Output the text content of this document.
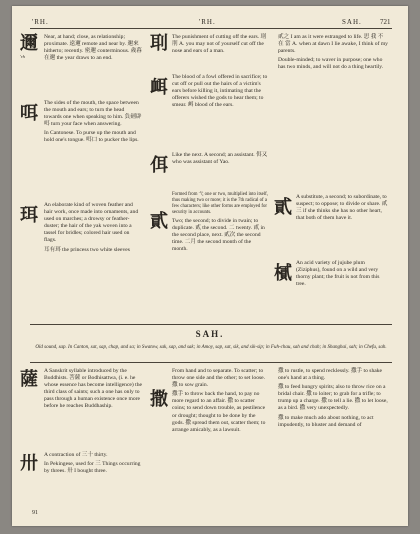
'RH.	'RH.	SAH.	721
邇
'rh

Near, at hand; close, as relationship; proximate. 遠邇 remote and near by. 邇來 hitherto; recently. 密邇 conterminous. 歲暮在邇 the year draws to an end.

咡 The sides of the mouth, the space between the mouth and ears; to turn the head towards one when speaking to him. 負劍辟咡 turn your face when answering.

In Cantonese. To purse up the mouth and hold one's tongue. 咡口 to pucker the lips.

珥 An elaborate kind of woven feather and hair work, once made into ornaments, and used on marches; a drowsy or feather-duster; the hair of the yak woven into a tassel for bridles; colored hair used on flags.

耳有珥 the princess two white sleeves

刵 The punishment of cutting off the ears. 刵刖 A. you may not of yourself cut off the nose and ears of a man.

衈 The blood of a fowl offered in sacrifice; to cut off or pull out the hairs of a victim's ears before killing it, intimating that the offerers wished the gods to hear them; to smear. 衈 blood of the ears.

佴 Like the next. A second; an assistant. 佴又 who was assistant of Yao.

貳

Formed from 弋 one or two, multiplied into itself, thus making two or more; it is the 7th radical of a few characters; like other forms are employed for security in accounts.

Two; the second; to divide in twain; to duplicate. 貳 the second. 二 twenty. 貳 in the second place, next. 貳次 the second time. 二月 the second month of the month.

貳之 I am as it were estranged to life. 思 我 不 在 當 A. when at dawn I lie awake, I think of my parents.

Double-minded; to waver in purpose; one who has two minds, and will not do a thing heartily.

貳 A substitute, a second; to subordinate, to suspect; to oppose; to divide or share. 貳 三 if she thinks she has no other heart, that both of them have it.

樲 An acid variety of jujube plum (Ziziphus), found on a wild and very thorny plant; the fruit is not from this tree.

SAH.
Old sound, sap. In Canton, sat, sap, chap, and sa; in Swatow, sak, sap, and sak; in Amoy, sap, sat, sik, and sik-sip; in Fuh-chau, sah and chah; in Shanghai, sah; in Chefu, sah.
薩 A Sanskrit syllable introduced by the Buddhists. 菩薩 or Bodhisattwa, (i. e. he whose essence has become intelligence) the third class of saints; such a one has only to pass through a human existence once more before he reaches Buddhaship.

卅 A contraction of 三十 thirty.

In Pekingese, used for 三 Things occurring by threes. 卅 I bought three.

撒

From hand and to separate. To scatter; to throw one side and the other; to set loose. 撒 to sow grain.

撒手 to throw back the hand, to pay no more regard to an affair. 撒 to scatter coins; to send down trouble, as pestilence or drought; thought to be done by the gods. 撒 spread them out, scatter them; to arrange amicably, as a lawsuit.

撒 to rustle, to spend recklessly. 撒手 to shake one's hand at a thing.

撒 to feed hungry spirits; also to throw rice on a bridal chair. 撒 to loiter; to grab for a trifle; to trump up a charge. 撒 to tell a lie. 撒 to let loose, as a bird. 撒 very unexpectedly.

撒 to make much ado about nothing, to act impudently, to bluster and demand of

91
